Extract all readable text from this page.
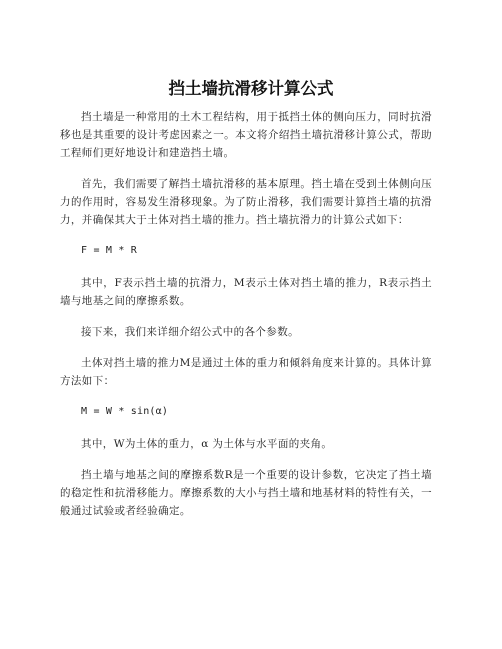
挡土墙抗滑移计算公式

挡土墙是一种常用的土木工程结构，用于抵挡土体的侧向压力，同时抗滑移也是其重要的设计考虑因素之一。本文将介绍挡土墙抗滑移计算公式，帮助工程师们更好地设计和建造挡土墙。

首先，我们需要了解挡土墙抗滑移的基本原理。挡土墙在受到土体侧向压力的作用时，容易发生滑移现象。为了防止滑移，我们需要计算挡土墙的抗滑力，并确保其大于土体对挡土墙的推力。挡土墙抗滑力的计算公式如下：

F = M * R

其中，F表示挡土墙的抗滑力，M表示土体对挡土墙的推力，R表示挡土墙与地基之间的摩擦系数。

接下来，我们来详细介绍公式中的各个参数。

土体对挡土墙的推力M是通过土体的重力和倾斜角度来计算的。具体计算方法如下：

M = W * sin(α)

其中，W为土体的重力，α 为土体与水平面的夹角。

挡土墙与地基之间的摩擦系数R是一个重要的设计参数，它决定了挡土墙的稳定性和抗滑移能力。摩擦系数的大小与挡土墙和地基材料的特性有关，一般通过试验或者经验确定。
